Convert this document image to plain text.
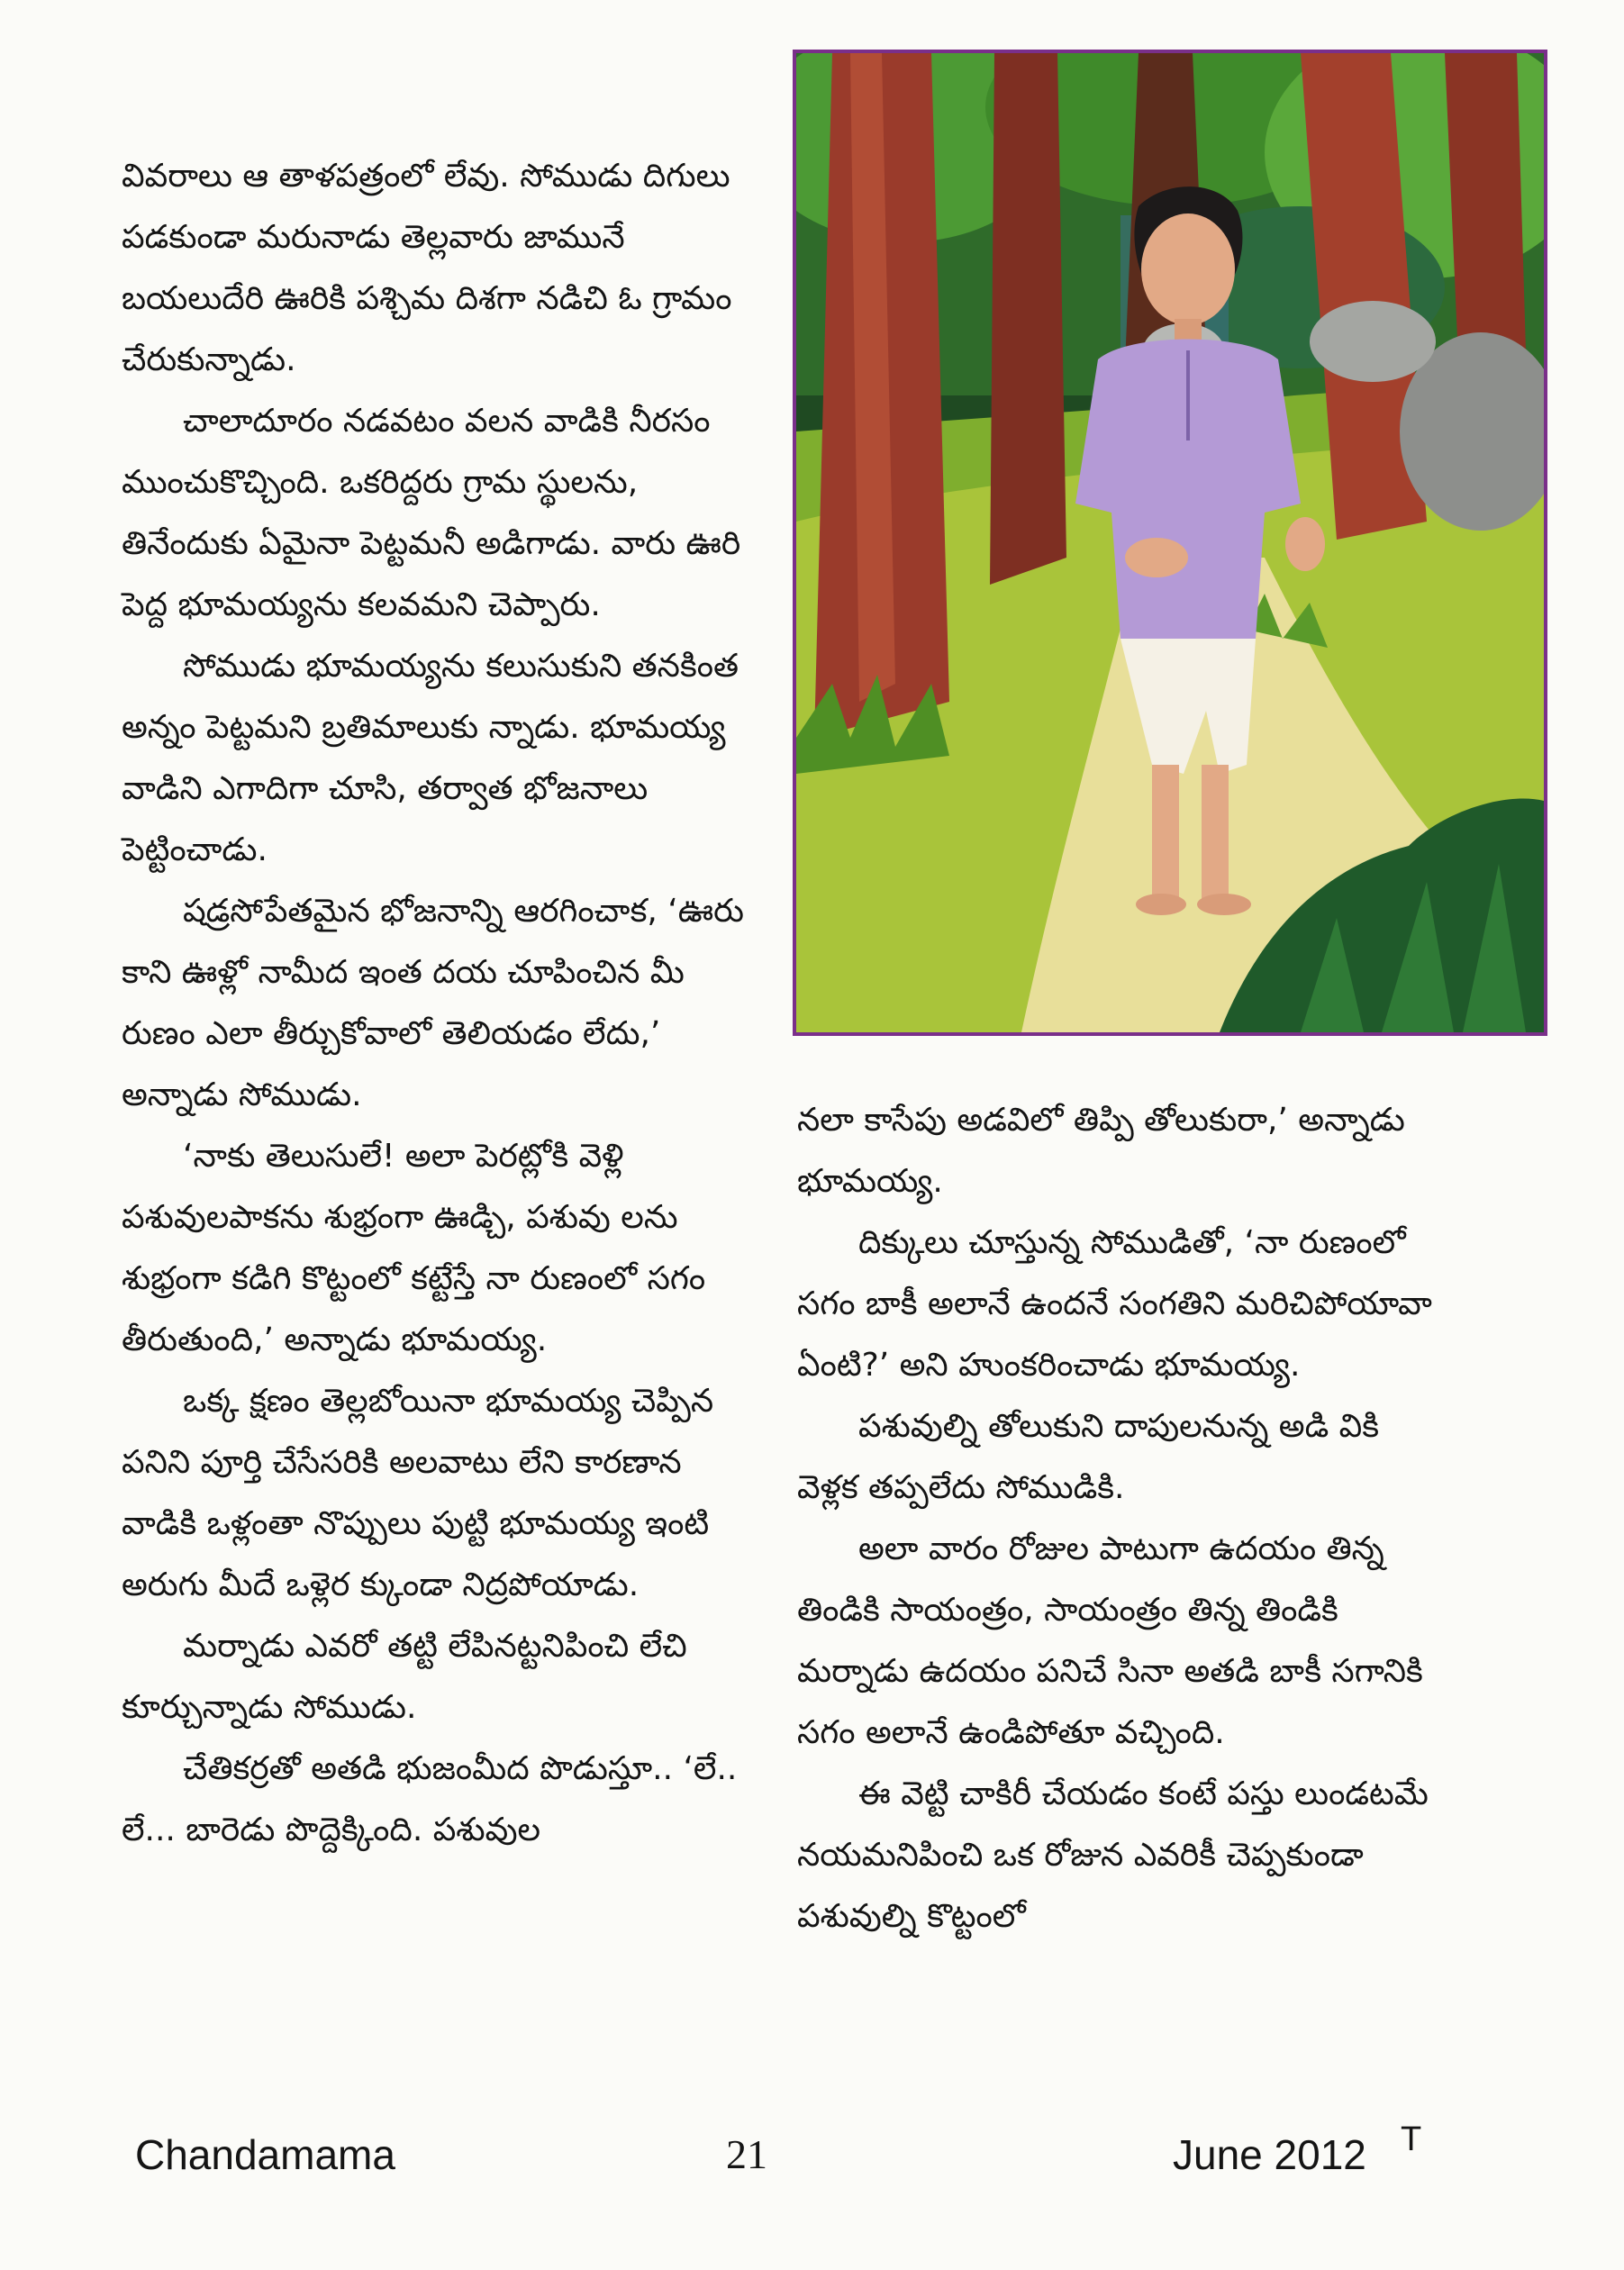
వివరాలు ఆ తాళపత్రంలో లేవు. సోముడు దిగులు పడకుండా మరునాడు తెల్లవారు జామునే బయలుదేరి ఊరికి పశ్చిమ దిశగా నడిచి ఓ గ్రామం చేరుకున్నాడు.

చాలాదూరం నడవటం వలన వాడికి నీరసం ముంచుకొచ్చింది. ఒకరిద్దరు గ్రామ స్థులను, తినేందుకు ఏమైనా పెట్టమనీ అడిగాడు. వారు ఊరి పెద్ద భూమయ్యను కలవమని చెప్పారు.

సోముడు భూమయ్యను కలుసుకుని తనకింత అన్నం పెట్టమని బ్రతిమాలుకు న్నాడు. భూమయ్య వాడిని ఎగాదిగా చూసి, తర్వాత భోజనాలు పెట్టించాడు.

షడ్రసోపేతమైన భోజనాన్ని ఆరగించాక, ‘ఊరు కాని ఊళ్లో నామీద ఇంత దయ చూపించిన మీ రుణం ఎలా తీర్చుకోవాలో తెలియడం లేదు,’ అన్నాడు సోముడు.

‘నాకు తెలుసులే! అలా పెరట్లోకి వెళ్లి పశువులపాకను శుభ్రంగా ఊడ్చి, పశువు లను శుభ్రంగా కడిగి కొట్టంలో కట్టేస్తే నా రుణంలో సగం తీరుతుంది,’ అన్నాడు భూమయ్య.

ఒక్క క్షణం తెల్లబోయినా భూమయ్య చెప్పిన పనిని పూర్తి చేసేసరికి అలవాటు లేని కారణాన వాడికి ఒళ్లంతా నొప్పులు పుట్టి భూమయ్య ఇంటి అరుగు మీదే ఒళ్లెర క్కుండా నిద్రపోయాడు.

మర్నాడు ఎవరో తట్టి లేపినట్టనిపించి లేచి కూర్చున్నాడు సోముడు.

చేతికర్రతో అతడి భుజంమీద పొడుస్తూ.. ‘లే.. లే... బారెడు పొద్దెక్కింది. పశువుల

నలా కాసేపు అడవిలో తిప్పి తోలుకురా,’ అన్నాడు భూమయ్య.

దిక్కులు చూస్తున్న సోముడితో, ‘నా రుణంలో సగం బాకీ అలానే ఉందనే సంగతిని మరిచిపోయావా ఏంటి?’ అని హుంకరించాడు భూమయ్య.

పశువుల్ని తోలుకుని దాపులనున్న అడి వికి వెళ్లక తప్పలేదు సోముడికి.

అలా వారం రోజుల పాటుగా ఉదయం తిన్న తిండికి సాయంత్రం, సాయంత్రం తిన్న తిండికి మర్నాడు ఉదయం పనిచే సినా అతడి బాకీ సగానికి సగం అలానే ఉండిపోతూ వచ్చింది.

ఈ వెట్టి చాకిరీ చేయడం కంటే పస్తు లుండటమే నయమనిపించి ఒక రోజున ఎవరికీ చెప్పకుండా పశువుల్ని కొట్టంలో

Chandamama	21	June 2012 T
